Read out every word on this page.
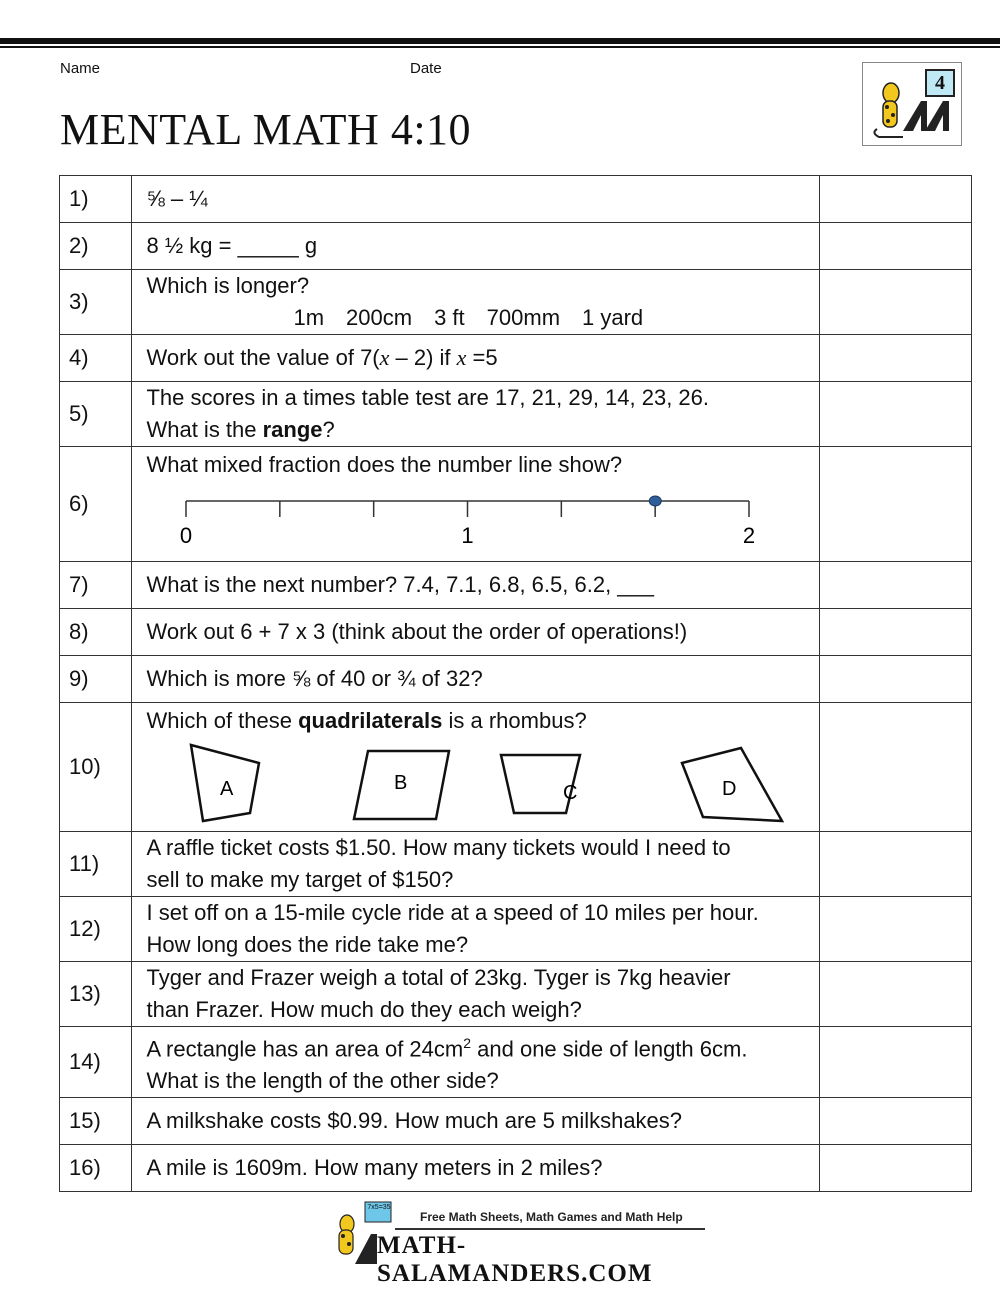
Name	Date
MENTAL MATH 4:10
4
1)	⅝ – ¼	
2)	8 ½ kg = _____ g	
3)	Which is longer?
1m 200cm 3 ft 700mm 1 yard	

4)	Work out the value of 7(x – 2) if x =5	
5)	The scores in a times table test are 17, 21, 29, 14, 23, 26.
What is the range?	

6)	What mixed fraction does the number line show?
0 1 2	

7)	What is the next number? 7.4, 7.1, 6.8, 6.5, 6.2, ___	
8)	Work out 6 + 7 x 3 (think about the order of operations!)	
9)	Which is more ⅝ of 40 or ¾ of 32?	
10)	Which of these quadrilaterals is a rhombus?
A B C D	

11)	A raffle ticket costs $1.50. How many tickets would I need to
sell to make my target of $150?	

12)	I set off on a 15-mile cycle ride at a speed of 10 miles per hour.
How long does the ride take me?	

13)	Tyger and Frazer weigh a total of 23kg. Tyger is 7kg heavier
than Frazer. How much do they each weigh?	

14)	A rectangle has an area of $24cm^2$ and one side of length 6cm.
What is the length of the other side?	

15)	A milkshake costs $0.99. How much are 5 milkshakes?	
16)	A mile is 1609m. How many meters in 2 miles?	
7x5=35
Free Math Sheets, Math Games and Math Help
MATH-SALAMANDERS.COM
